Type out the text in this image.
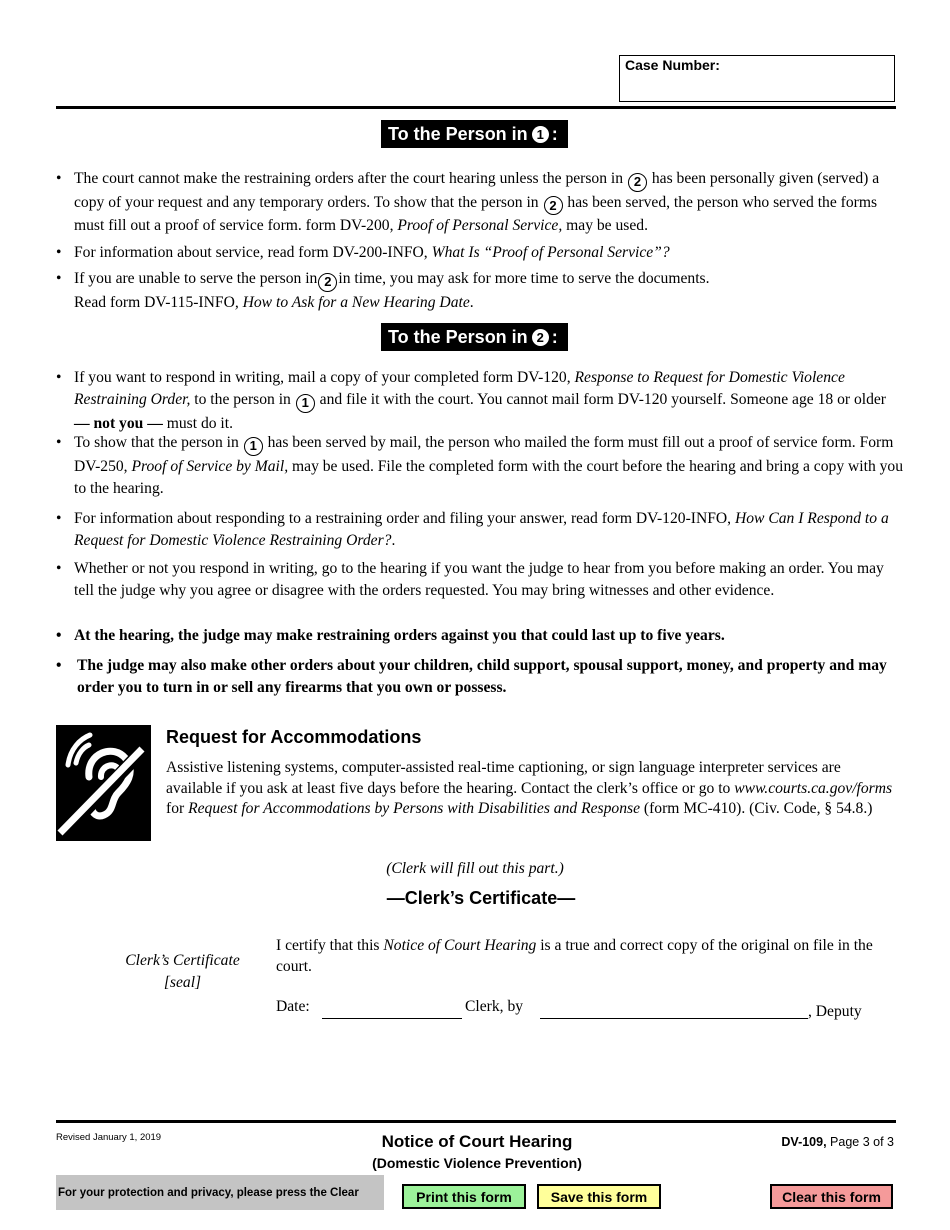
Case Number:
To the Person in 1 :
• The court cannot make the restraining orders after the court hearing unless the person in 2 has been personally given (served) a copy of your request and any temporary orders. To show that the person in 2 has been served, the person who served the forms must fill out a proof of service form. form DV-200, Proof of Personal Service, may be used.
• For information about service, read form DV-200-INFO, What Is “Proof of Personal Service”?
• If you are unable to serve the person in 2 in time, you may ask for more time to serve the documents.
Read form DV-115-INFO, How to Ask for a New Hearing Date.
To the Person in 2 :
• If you want to respond in writing, mail a copy of your completed form DV-120, Response to Request for Domestic Violence Restraining Order, to the person in 1 and file it with the court. You cannot mail form DV-120 yourself. Someone age 18 or older — not you — must do it.
• To show that the person in 1 has been served by mail, the person who mailed the form must fill out a proof of service form. Form DV-250, Proof of Service by Mail, may be used. File the completed form with the court before the hearing and bring a copy with you to the hearing.
• For information about responding to a restraining order and filing your answer, read form DV-120-INFO, How Can I Respond to a Request for Domestic Violence Restraining Order?.
• Whether or not you respond in writing, go to the hearing if you want the judge to hear from you before making an order. You may tell the judge why you agree or disagree with the orders requested. You may bring witnesses and other evidence.
• At the hearing, the judge may make restraining orders against you that could last up to five years.
• The judge may also make other orders about your children, child support, spousal support, money, and property and may order you to turn in or sell any firearms that you own or possess.
Request for Accommodations
Assistive listening systems, computer-assisted real-time captioning, or sign language interpreter services are available if you ask at least five days before the hearing. Contact the clerk’s office or go to www.courts.ca.gov/forms for Request for Accommodations by Persons with Disabilities and Response (form MC-410). (Civ. Code, § 54.8.)
(Clerk will fill out this part.)
—Clerk’s Certificate—
Clerk’s Certificate
[seal]
I certify that this Notice of Court Hearing is a true and correct copy of the original on file in the court.
Date:	Clerk, by	, Deputy
Revised January 1, 2019	Notice of Court Hearing
(Domestic Violence Prevention)
DV-109, Page 3 of 3
For your protection and privacy, please press the Clear	Print this form	Save this form	Clear this form
